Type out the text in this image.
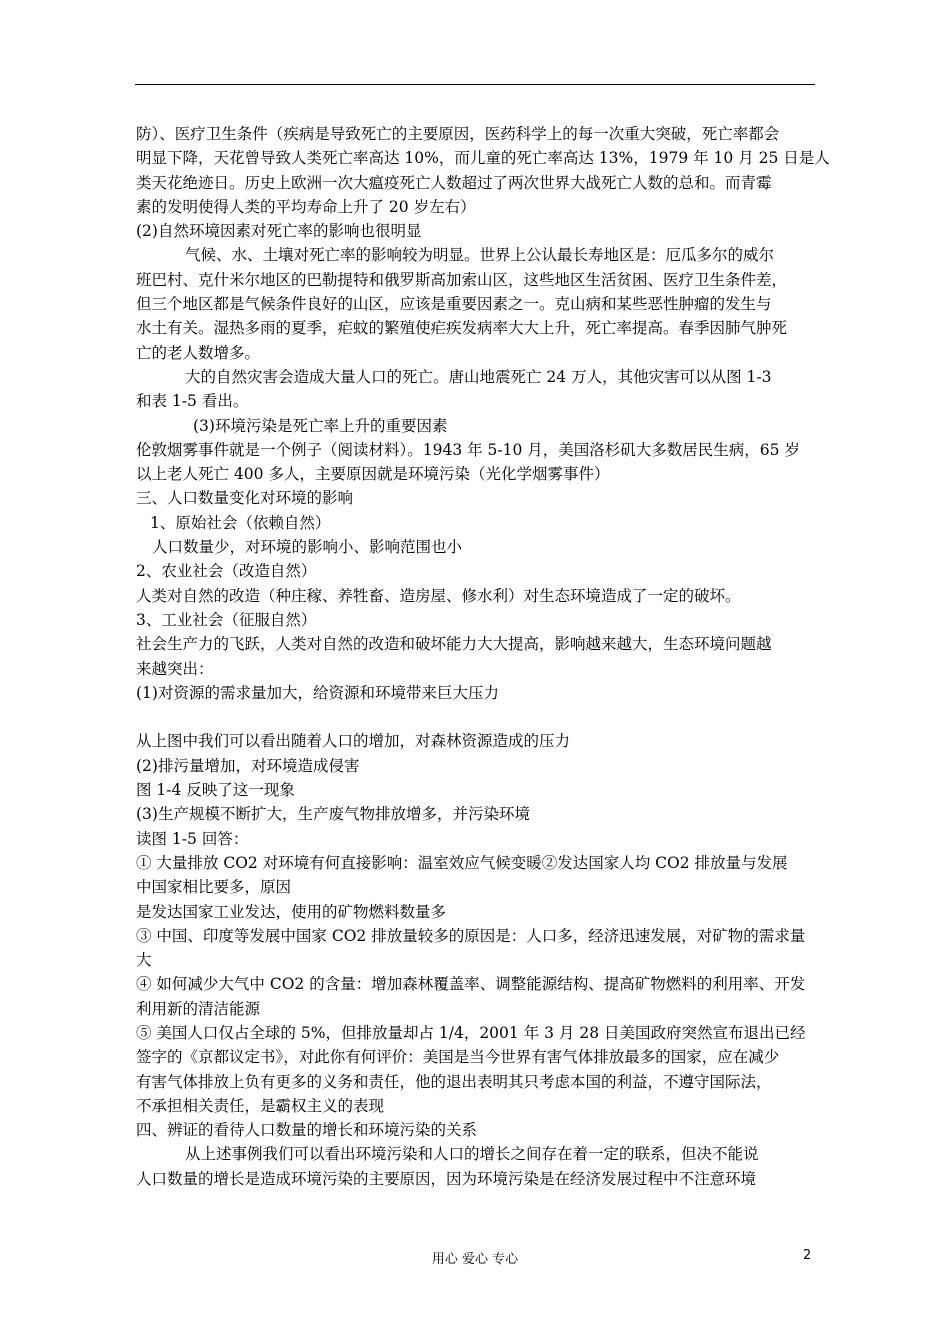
防）、医疗卫生条件（疾病是导致死亡的主要原因，医药科学上的每一次重大突破，死亡率都会
明显下降，天花曾导致人类死亡率高达 10%，而儿童的死亡率高达 13%，1979 年 10 月 25 日是人
类天花绝迹日。历史上欧洲一次大瘟疫死亡人数超过了两次世界大战死亡人数的总和。而青霉
素的发明使得人类的平均寿命上升了 20 岁左右）
(2)自然环境因素对死亡率的影响也很明显
气候、水、土壤对死亡率的影响较为明显。世界上公认最长寿地区是：厄瓜多尔的威尔
班巴村、克什米尔地区的巴勒提特和俄罗斯高加索山区，这些地区生活贫困、医疗卫生条件差，
但三个地区都是气候条件良好的山区，应该是重要因素之一。克山病和某些恶性肿瘤的发生与
水土有关。湿热多雨的夏季，疟蚊的繁殖使疟疾发病率大大上升，死亡率提高。春季因肺气肿死
亡的老人数增多。
大的自然灾害会造成大量人口的死亡。唐山地震死亡 24 万人，其他灾害可以从图 1-3
和表 1-5 看出。
(3)环境污染是死亡率上升的重要因素
伦敦烟雾事件就是一个例子（阅读材料）。1943 年 5-10 月，美国洛杉矶大多数居民生病，65 岁
以上老人死亡 400 多人，主要原因就是环境污染（光化学烟雾事件）
三、人口数量变化对环境的影响
1、原始社会（依赖自然）
人口数量少，对环境的影响小、影响范围也小
2、农业社会（改造自然）
人类对自然的改造（种庄稼、养牲畜、造房屋、修水利）对生态环境造成了一定的破坏。
3、工业社会（征服自然）
社会生产力的飞跃，人类对自然的改造和破坏能力大大提高，影响越来越大，生态环境问题越
来越突出：
(1)对资源的需求量加大，给资源和环境带来巨大压力
从上图中我们可以看出随着人口的增加，对森林资源造成的压力
(2)排污量增加，对环境造成侵害
图 1-4 反映了这一现象
(3)生产规模不断扩大，生产废气物排放增多，并污染环境
读图 1-5 回答：
① 大量排放 CO2 对环境有何直接影响：温室效应气候变暖②发达国家人均 CO2 排放量与发展
中国家相比要多，原因
是发达国家工业发达，使用的矿物燃料数量多
③ 中国、印度等发展中国家 CO2 排放量较多的原因是：人口多，经济迅速发展，对矿物的需求量
大
④ 如何减少大气中 CO2 的含量：增加森林覆盖率、调整能源结构、提高矿物燃料的利用率、开发
利用新的清洁能源
⑤ 美国人口仅占全球的 5%，但排放量却占 1/4，2001 年 3 月 28 日美国政府突然宣布退出已经
签字的《京都议定书》，对此你有何评价：美国是当今世界有害气体排放最多的国家，应在减少
有害气体排放上负有更多的义务和责任，他的退出表明其只考虑本国的利益，不遵守国际法，
不承担相关责任，是霸权主义的表现
四、辨证的看待人口数量的增长和环境污染的关系
从上述事例我们可以看出环境污染和人口的增长之间存在着一定的联系，但决不能说
人口数量的增长是造成环境污染的主要原因，因为环境污染是在经济发展过程中不注意环境
用心 爱心 专心	2
